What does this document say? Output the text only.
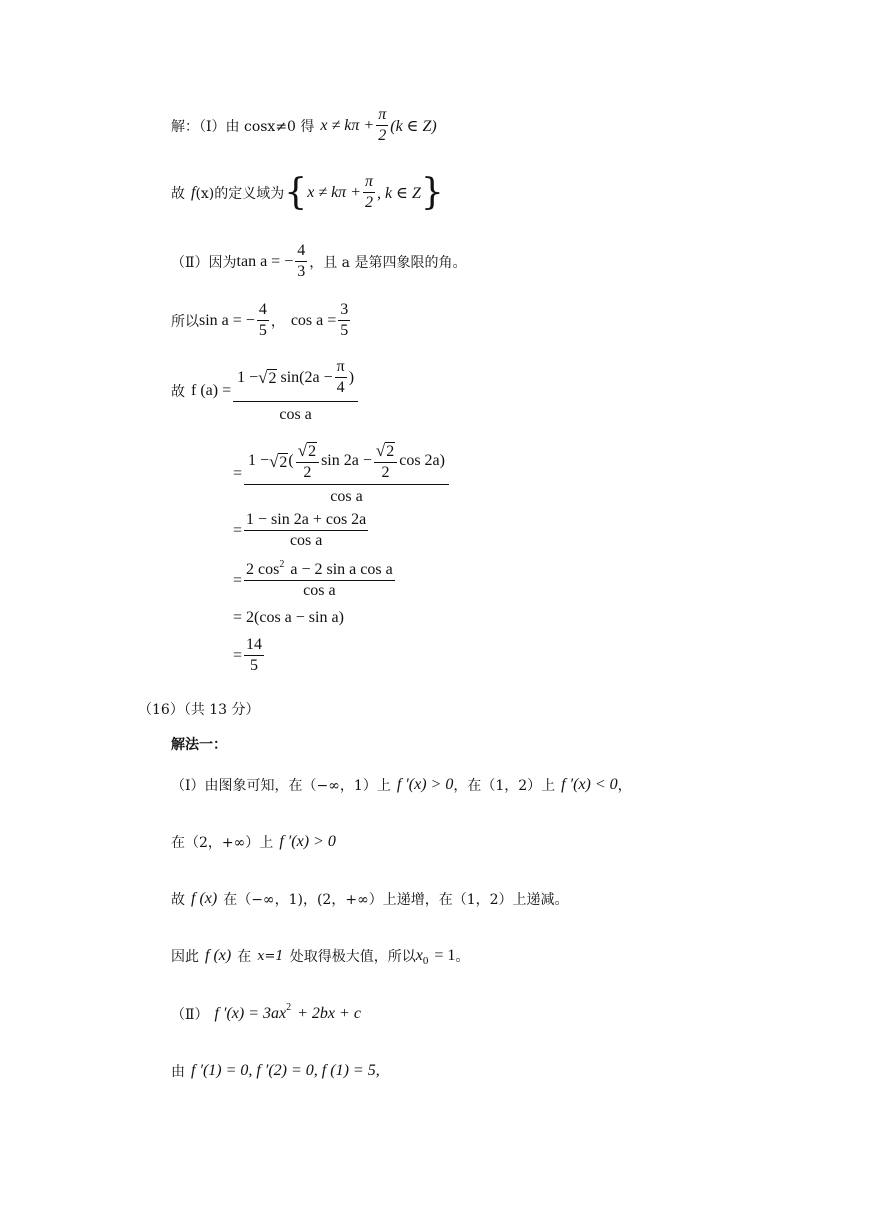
解：（Ⅰ）由 cosx≠0 得 $x \ne k\pi + \frac{\pi}{2} (k$ ∈ Z)
故 f (x)的定义域为 { $x \ne k\pi + \frac{\pi}{2}$ , k ∈ Z }
（Ⅱ）因为 tan a = − $\frac{4}{3}$ ，且 a 是第四象限的角。
所以 sin a = − $\frac{4}{5}$ ， $\cos a = \frac{3}{5}$
故 f $(a) = \frac{1 - √ 2 \sin(2a - \frac{\pi}{4} )}{\text{cos a}}$
=
1 − √ 2 ( $\frac{√ 2}{2}$ $\sin 2a - \frac{√ 2}{2}$ cos 2a)
cos a
= $\frac{1 - \sin 2a + \cos 2a}{\text{cos a}}$
= $\frac{\text{2 cos 2 a − 2 sin a cos a}}{\text{cos a}}$
= 2(cos a − sin a)
= $\frac{14}{5}$
（16）（共 13 分）
解法一：
（Ⅰ）由图象可知，在（−∞，1）上 f ′(x) > 0 ，在（1，2）上 f ′(x) < 0 ，
在（2，+∞）上 f ′(x) > 0
故 f (x) 在（−∞，1)，(2，+∞）上递增，在（1，2）上递减。
因此 f (x) 在 x=1 处取得极大值，所以 x 0 = 1 。
（Ⅱ） f ′(x) = 3ax 2 + 2bx + c
由 f ′(1) = 0, f ′(2) = 0, f (1) = 5,
